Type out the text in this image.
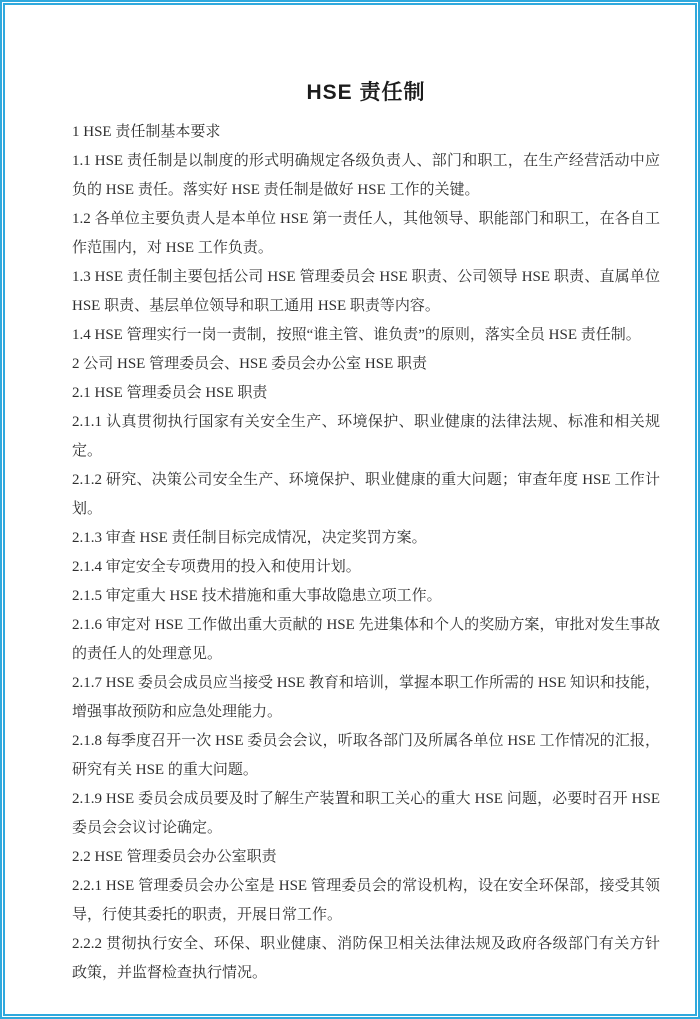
HSE 责任制

1 HSE 责任制基本要求

1.1 HSE 责任制是以制度的形式明确规定各级负责人、部门和职工，在生产经营活动中应负的 HSE 责任。落实好 HSE 责任制是做好 HSE 工作的关键。

1.2 各单位主要负责人是本单位 HSE 第一责任人，其他领导、职能部门和职工，在各自工作范围内，对 HSE 工作负责。

1.3 HSE 责任制主要包括公司 HSE 管理委员会 HSE 职责、公司领导 HSE 职责、直属单位 HSE 职责、基层单位领导和职工通用 HSE 职责等内容。

1.4 HSE 管理实行一岗一责制，按照“谁主管、谁负责”的原则，落实全员 HSE 责任制。

2 公司 HSE 管理委员会、HSE 委员会办公室 HSE 职责

2.1 HSE 管理委员会 HSE 职责

2.1.1 认真贯彻执行国家有关安全生产、环境保护、职业健康的法律法规、标准和相关规定。

2.1.2 研究、决策公司安全生产、环境保护、职业健康的重大问题；审查年度 HSE 工作计划。

2.1.3 审查 HSE 责任制目标完成情况，决定奖罚方案。

2.1.4 审定安全专项费用的投入和使用计划。

2.1.5 审定重大 HSE 技术措施和重大事故隐患立项工作。

2.1.6 审定对 HSE 工作做出重大贡献的 HSE 先进集体和个人的奖励方案，审批对发生事故的责任人的处理意见。

2.1.7 HSE 委员会成员应当接受 HSE 教育和培训，掌握本职工作所需的 HSE 知识和技能，增强事故预防和应急处理能力。

2.1.8 每季度召开一次 HSE 委员会会议，听取各部门及所属各单位 HSE 工作情况的汇报，研究有关 HSE 的重大问题。

2.1.9 HSE 委员会成员要及时了解生产装置和职工关心的重大 HSE 问题，必要时召开 HSE 委员会会议讨论确定。

2.2 HSE 管理委员会办公室职责

2.2.1 HSE 管理委员会办公室是 HSE 管理委员会的常设机构，设在安全环保部，接受其领导，行使其委托的职责，开展日常工作。

2.2.2 贯彻执行安全、环保、职业健康、消防保卫相关法律法规及政府各级部门有关方针政策，并监督检查执行情况。
